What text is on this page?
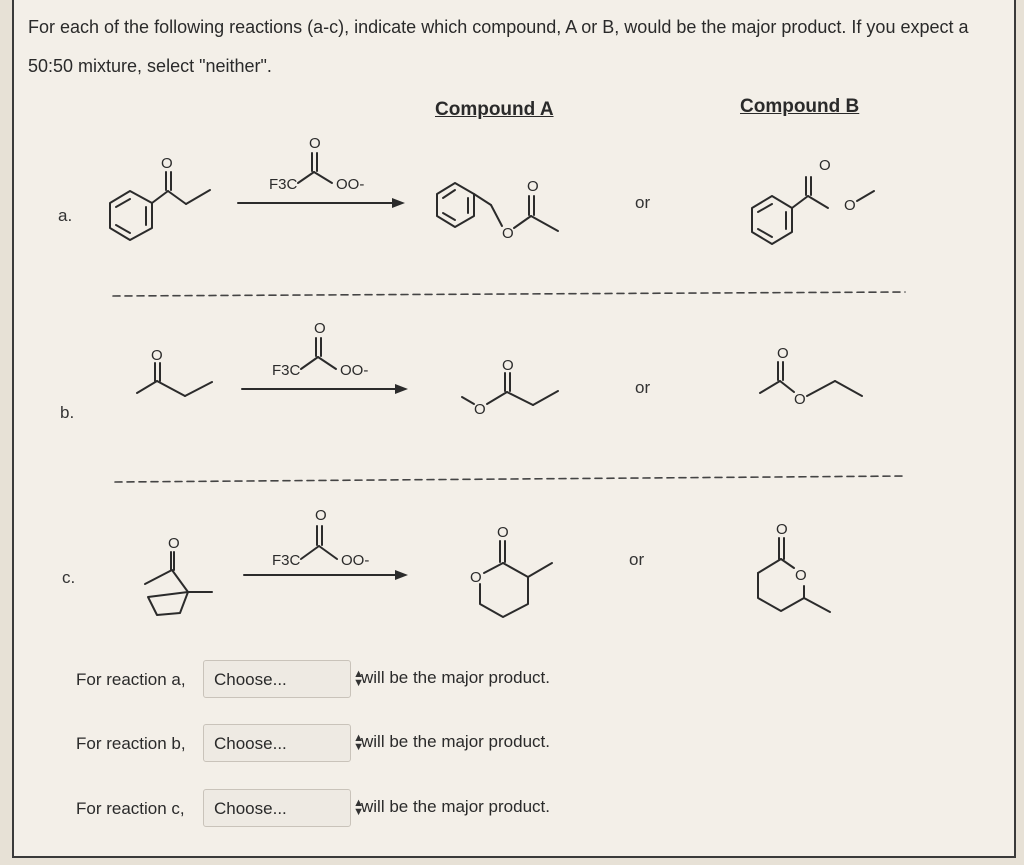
For each of the following reactions (a-c), indicate which compound, A or B, would be the major product. If you expect a 50:50 mixture, select "neither".
Compound A	Compound B
a.
b.
c.
or
or
or
O
F3C
O
OO-
O
O
O
O
O
F3C
O
OO-
O
O
O
O
O
F3C
O
OO-
O
O
O
O
For reaction a, Choose...	▲
▼
will be the major product.
For reaction b, Choose...	▲
▼
will be the major product.
For reaction c, Choose...	▲
▼
will be the major product.
